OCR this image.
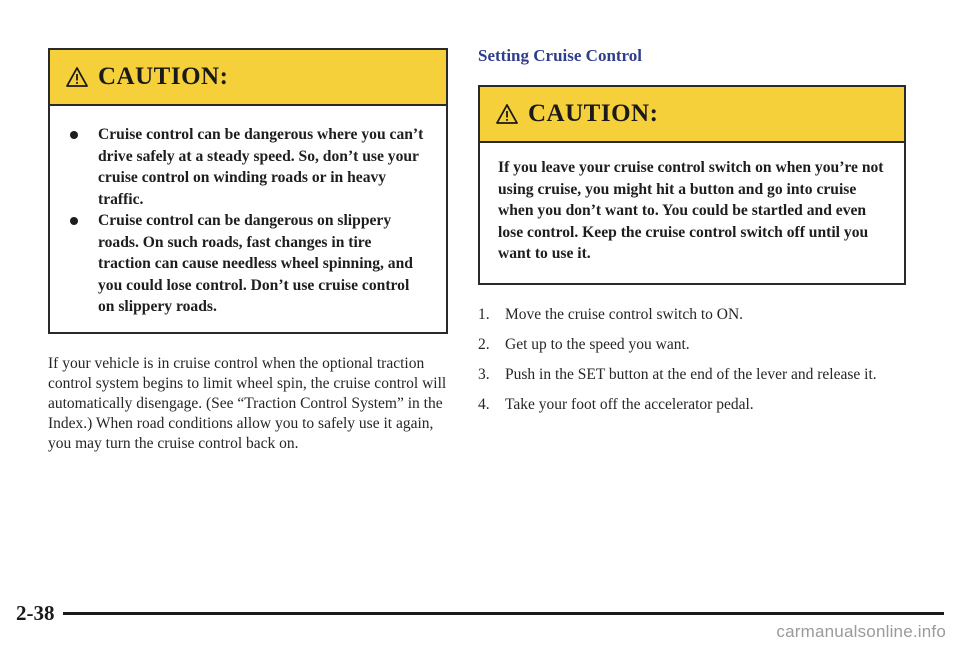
CAUTION:
Cruise control can be dangerous where you can’t drive safely at a steady speed. So, don’t use your cruise control on winding roads or in heavy traffic.
Cruise control can be dangerous on slippery roads. On such roads, fast changes in tire traction can cause needless wheel spinning, and you could lose control. Don’t use cruise control on slippery roads.

If your vehicle is in cruise control when the optional traction control system begins to limit wheel spin, the cruise control will automatically disengage. (See “Traction Control System” in the Index.) When road conditions allow you to safely use it again, you may turn the cruise control back on.

Setting Cruise Control
CAUTION:

If you leave your cruise control switch on when you’re not using cruise, you might hit a button and go into cruise when you don’t want to. You could be startled and even lose control. Keep the cruise control switch off until you want to use it.

1. Move the cruise control switch to ON.
2. Get up to the speed you want.
3. Push in the SET button at the end of the lever and release it.
4. Take your foot off the accelerator pedal.
2-38
carmanualsonline.info
